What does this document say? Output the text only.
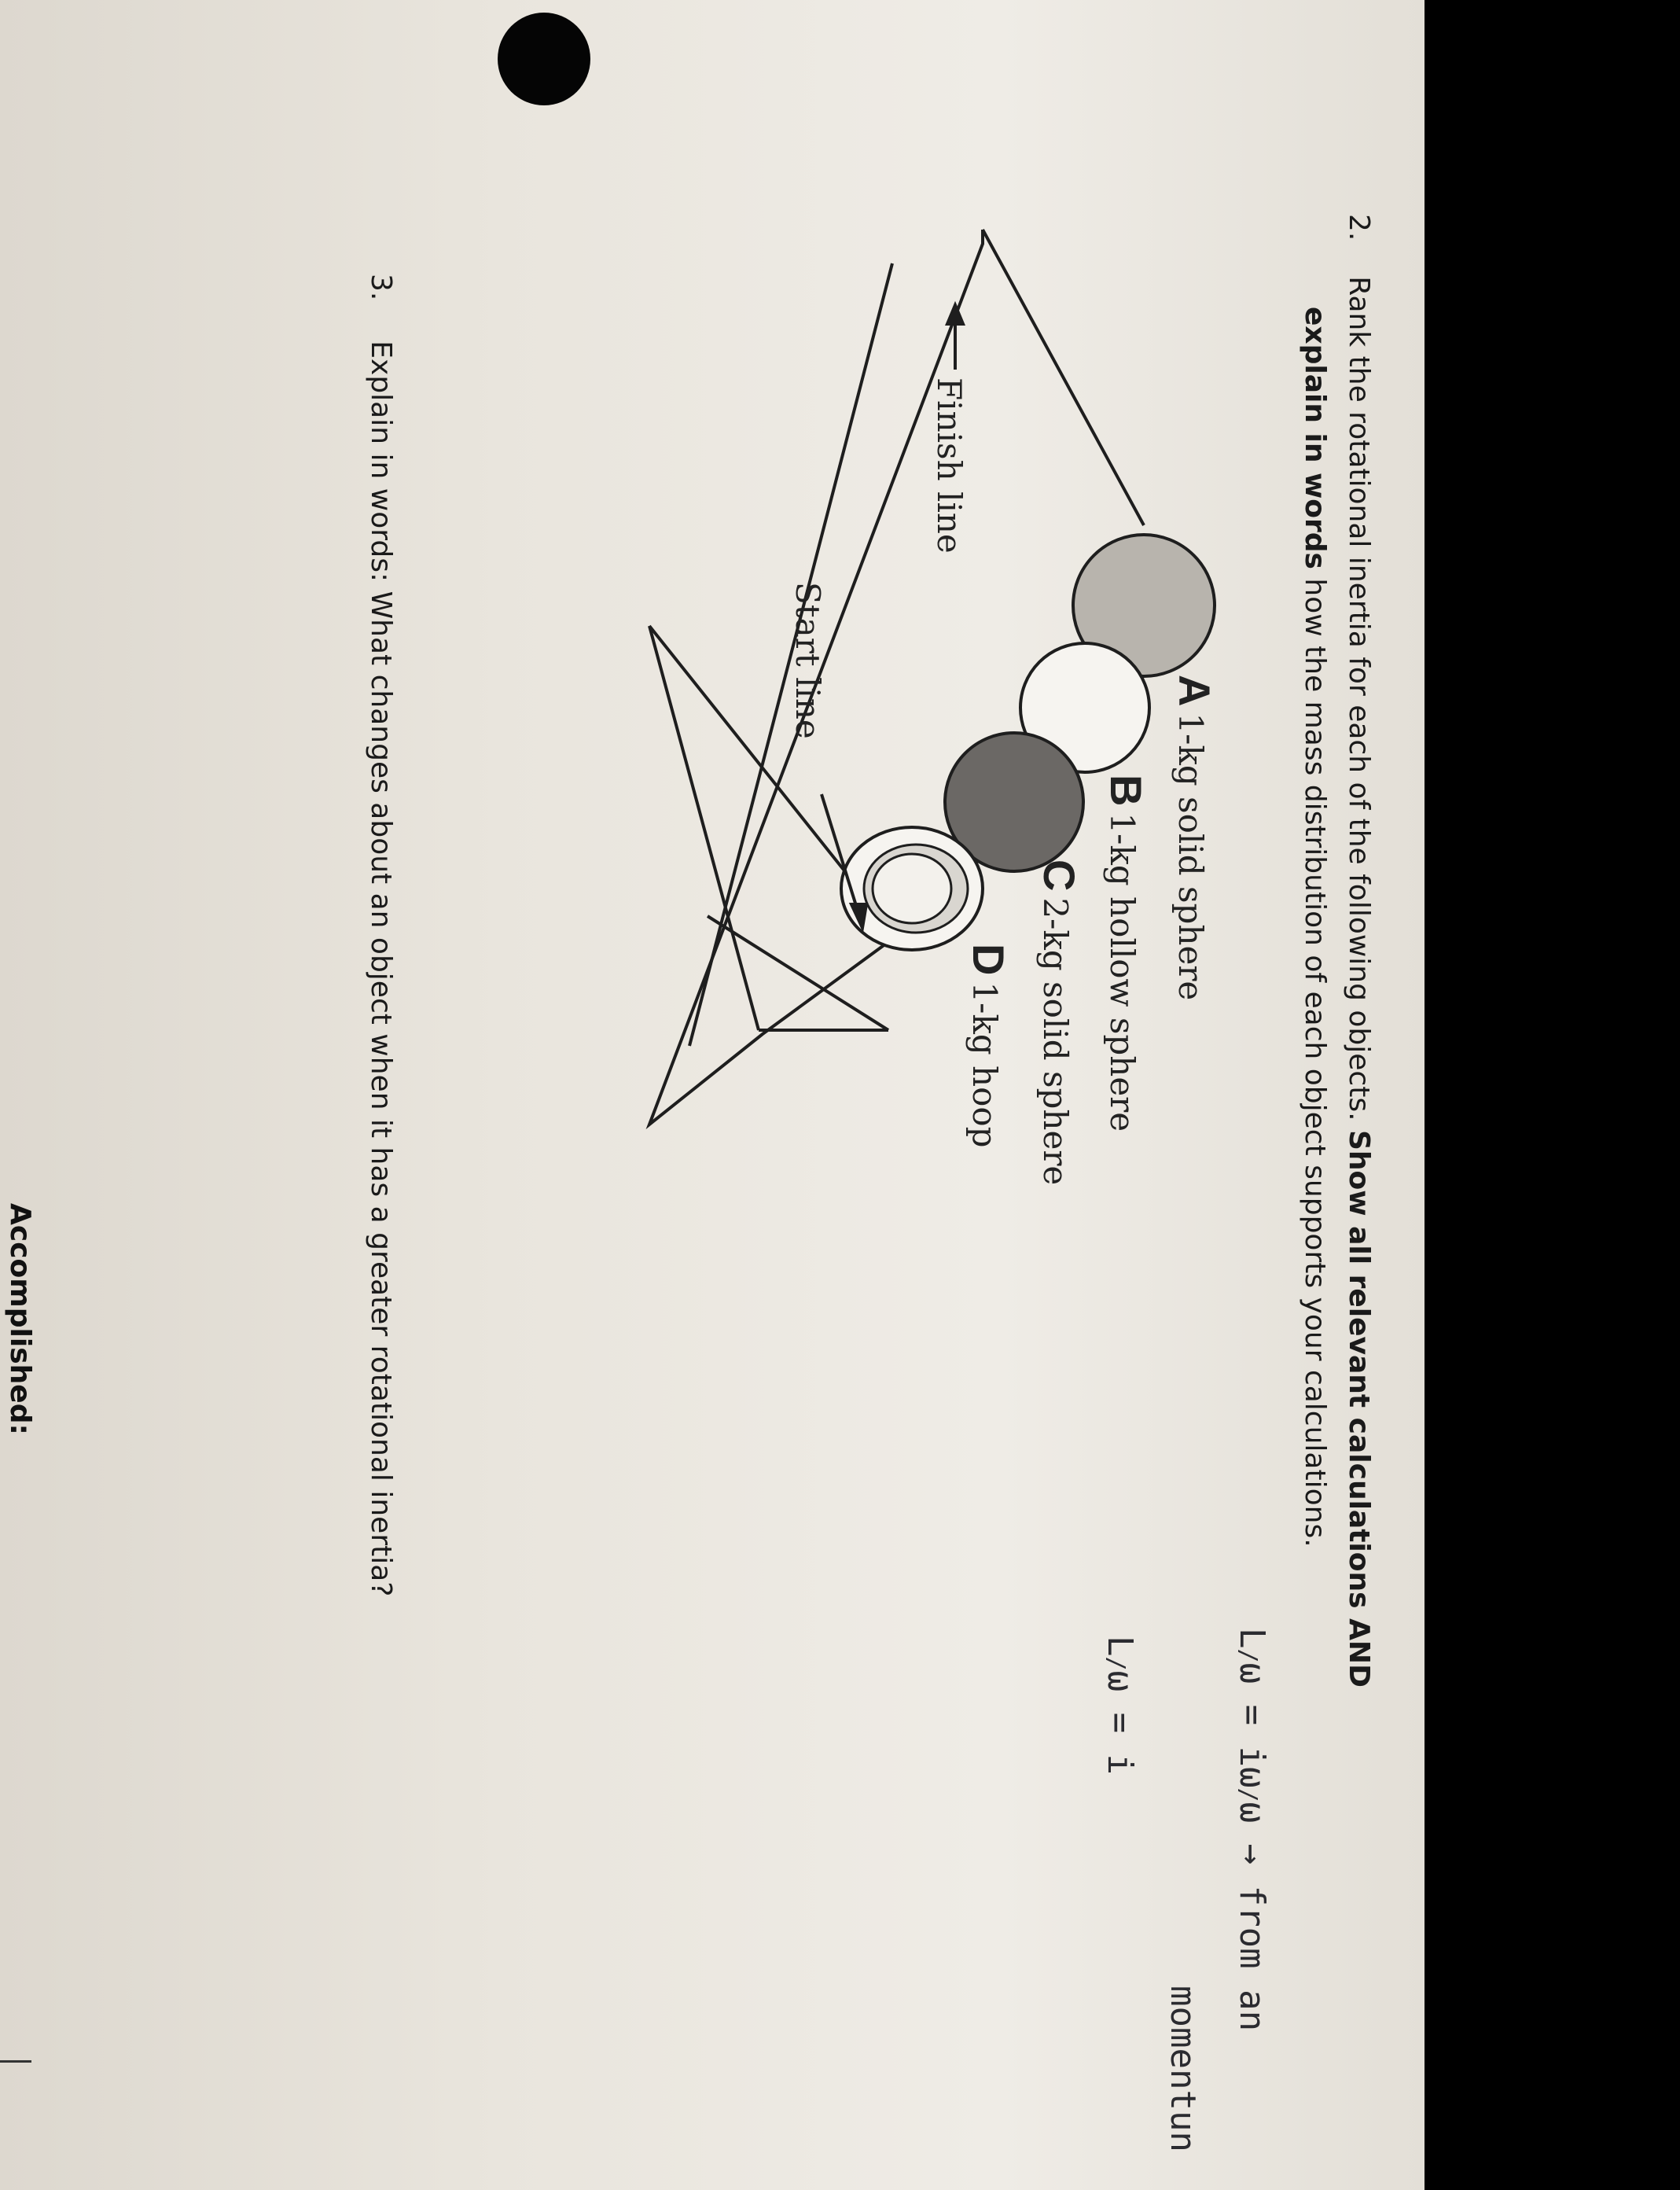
2.  Rank the rotational inertia for each of the following objects. Show all relevant calculations AND
explain in words how the mass distribution of each object supports your calculations.
A1-kg solid sphere
B1-kg hollow sphere
C2-kg solid sphere
D1-kg hoop
Finish line
Start line
L/ω = iω/ω → from an
momentun
L/ω = i
3.  Explain in words: What changes about an object when it has a greater rotational inertia?
Accomplished:
